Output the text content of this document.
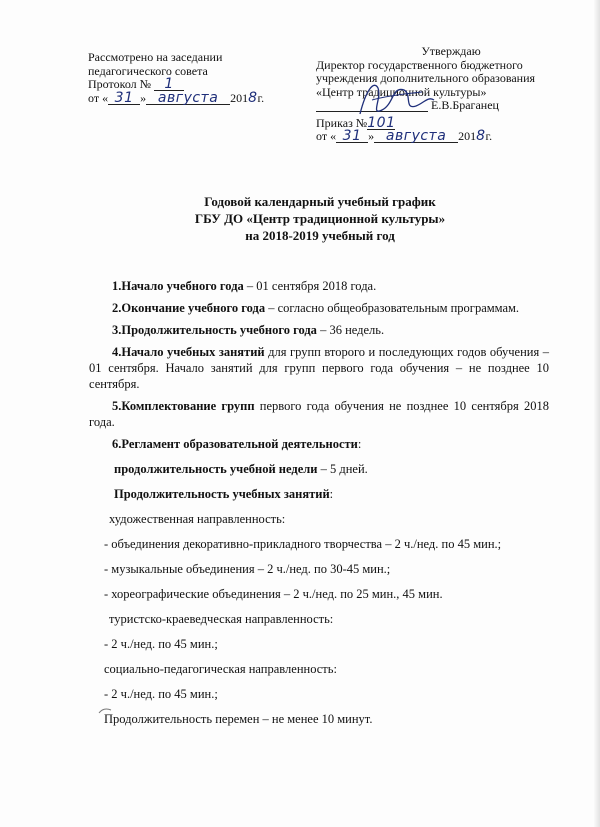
Рассмотрено на заседании
педагогического совета
Протокол № 1
от « 31 » августа 2018г.
Утверждаю
Директор государственного бюджетного
учреждения дополнительного образования
«Центр традиционной культуры»
Е.В.Браганец
Приказ №101
от « 31 » августа 2018г.
Годовой календарный учебный график
ГБУ ДО «Центр традиционной культуры»
на 2018-2019 учебный год

1.Начало учебного года – 01 сентября 2018 года.

2.Окончание учебного года – согласно общеобразовательным программам.

3.Продолжительность учебного года – 36 недель.

4.Начало учебных занятий для групп второго и последующих годов обучения – 01 сентября. Начало занятий для групп первого года обучения – не позднее 10 сентября.

5.Комплектование групп первого года обучения не позднее 10 сентября 2018 года.

6.Регламент образовательной деятельности:
продолжительность учебной недели – 5 дней.
Продолжительность учебных занятий:
художественная направленность:
- объединения декоративно-прикладного творчества – 2 ч./нед. по 45 мин.;
- музыкальные объединения – 2 ч./нед. по 30-45 мин.;
- хореографические объединения – 2 ч./нед. по 25 мин., 45 мин.
туристско-краеведческая направленность:
- 2 ч./нед. по 45 мин.;
социально-педагогическая направленность:
- 2 ч./нед. по 45 мин.;
Продолжительность перемен – не менее 10 минут.
